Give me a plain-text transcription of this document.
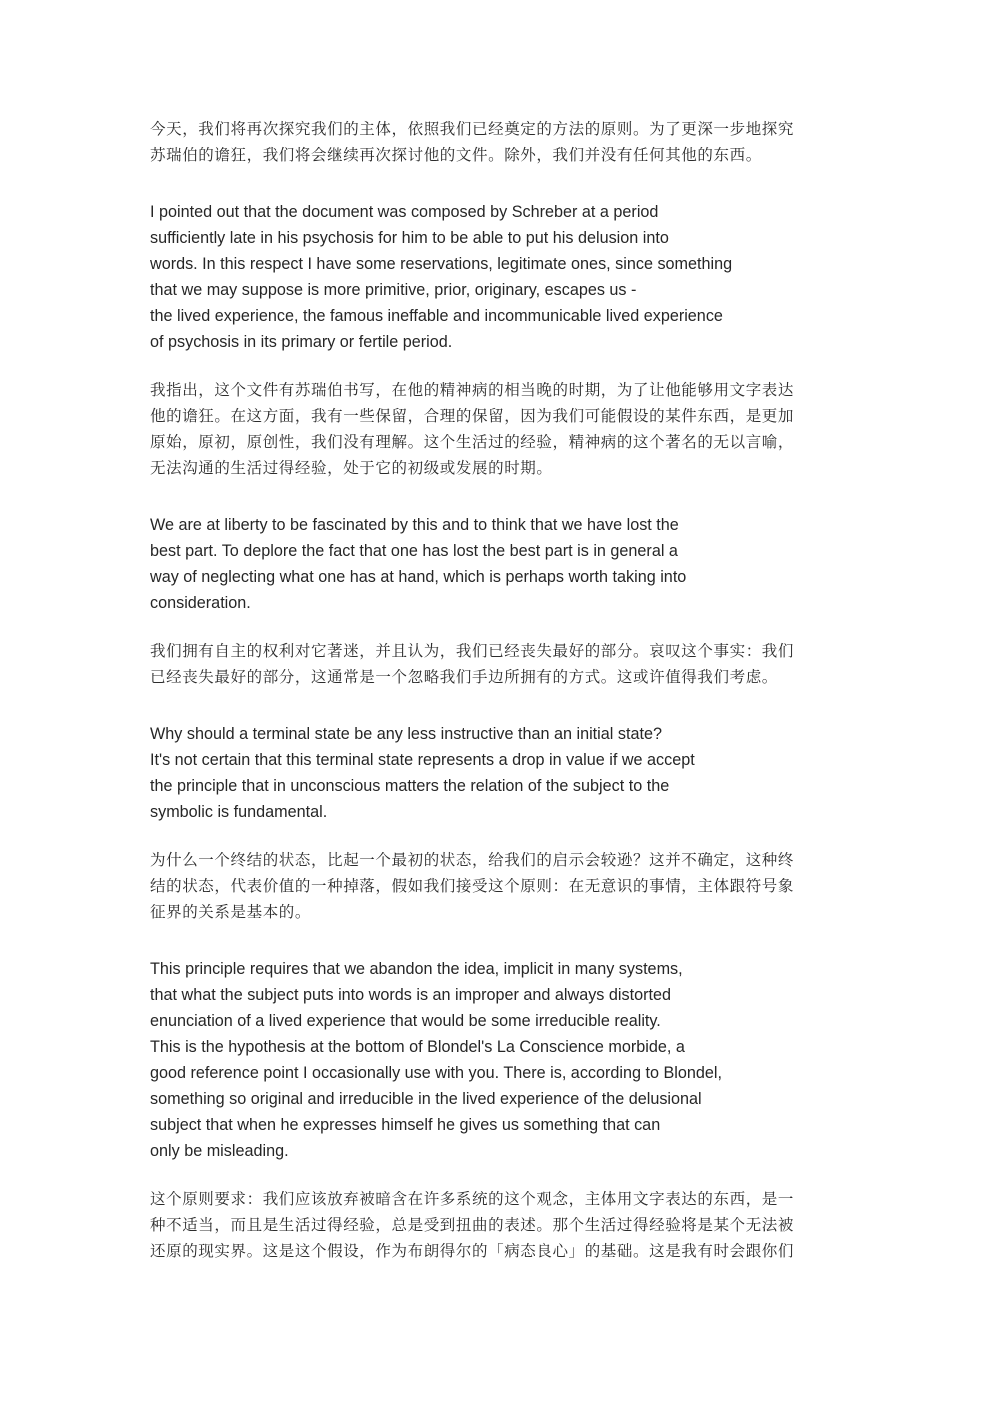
今天，我们将再次探究我们的主体，依照我们已经奠定的方法的原则。为了更深一步地探究
苏瑞伯的谵狂，我们将会继续再次探讨他的文件。除外，我们并没有任何其他的东西。

I pointed out that the document was composed by Schreber at a period
sufficiently late in his psychosis for him to be able to put his delusion into
words. In this respect I have some reservations, legitimate ones, since something
that we may suppose is more primitive, prior, originary, escapes us -
the lived experience, the famous ineffable and incommunicable lived experience
of psychosis in its primary or fertile period.

我指出，这个文件有苏瑞伯书写，在他的精神病的相当晚的时期，为了让他能够用文字表达
他的谵狂。在这方面，我有一些保留，合理的保留，因为我们可能假设的某件东西，是更加
原始，原初，原创性，我们没有理解。这个生活过的经验，精神病的这个著名的无以言喻，
无法沟通的生活过得经验，处于它的初级或发展的时期。

We are at liberty to be fascinated by this and to think that we have lost the
best part. To deplore the fact that one has lost the best part is in general a
way of neglecting what one has at hand, which is perhaps worth taking into
consideration.

我们拥有自主的权利对它著迷，并且认为，我们已经丧失最好的部分。哀叹这个事实：我们
已经丧失最好的部分，这通常是一个忽略我们手边所拥有的方式。这或许值得我们考虑。

Why should a terminal state be any less instructive than an initial state?
It's not certain that this terminal state represents a drop in value if we accept
the principle that in unconscious matters the relation of the subject to the
symbolic is fundamental.

为什么一个终结的状态，比起一个最初的状态，给我们的启示会较逊？这并不确定，这种终
结的状态，代表价值的一种掉落，假如我们接受这个原则：在无意识的事情，主体跟符号象
征界的关系是基本的。

This principle requires that we abandon the idea, implicit in many systems,
that what the subject puts into words is an improper and always distorted
enunciation of a lived experience that would be some irreducible reality.
This is the hypothesis at the bottom of Blondel's La Conscience morbide, a
good reference point I occasionally use with you. There is, according to Blondel,
something so original and irreducible in the lived experience of the delusional
subject that when he expresses himself he gives us something that can
only be misleading.

这个原则要求：我们应该放弃被暗含在许多系统的这个观念，主体用文字表达的东西，是一
种不适当，而且是生活过得经验，总是受到扭曲的表述。那个生活过得经验将是某个无法被
还原的现实界。这是这个假设，作为布朗得尔的「病态良心」的基础。这是我有时会跟你们
